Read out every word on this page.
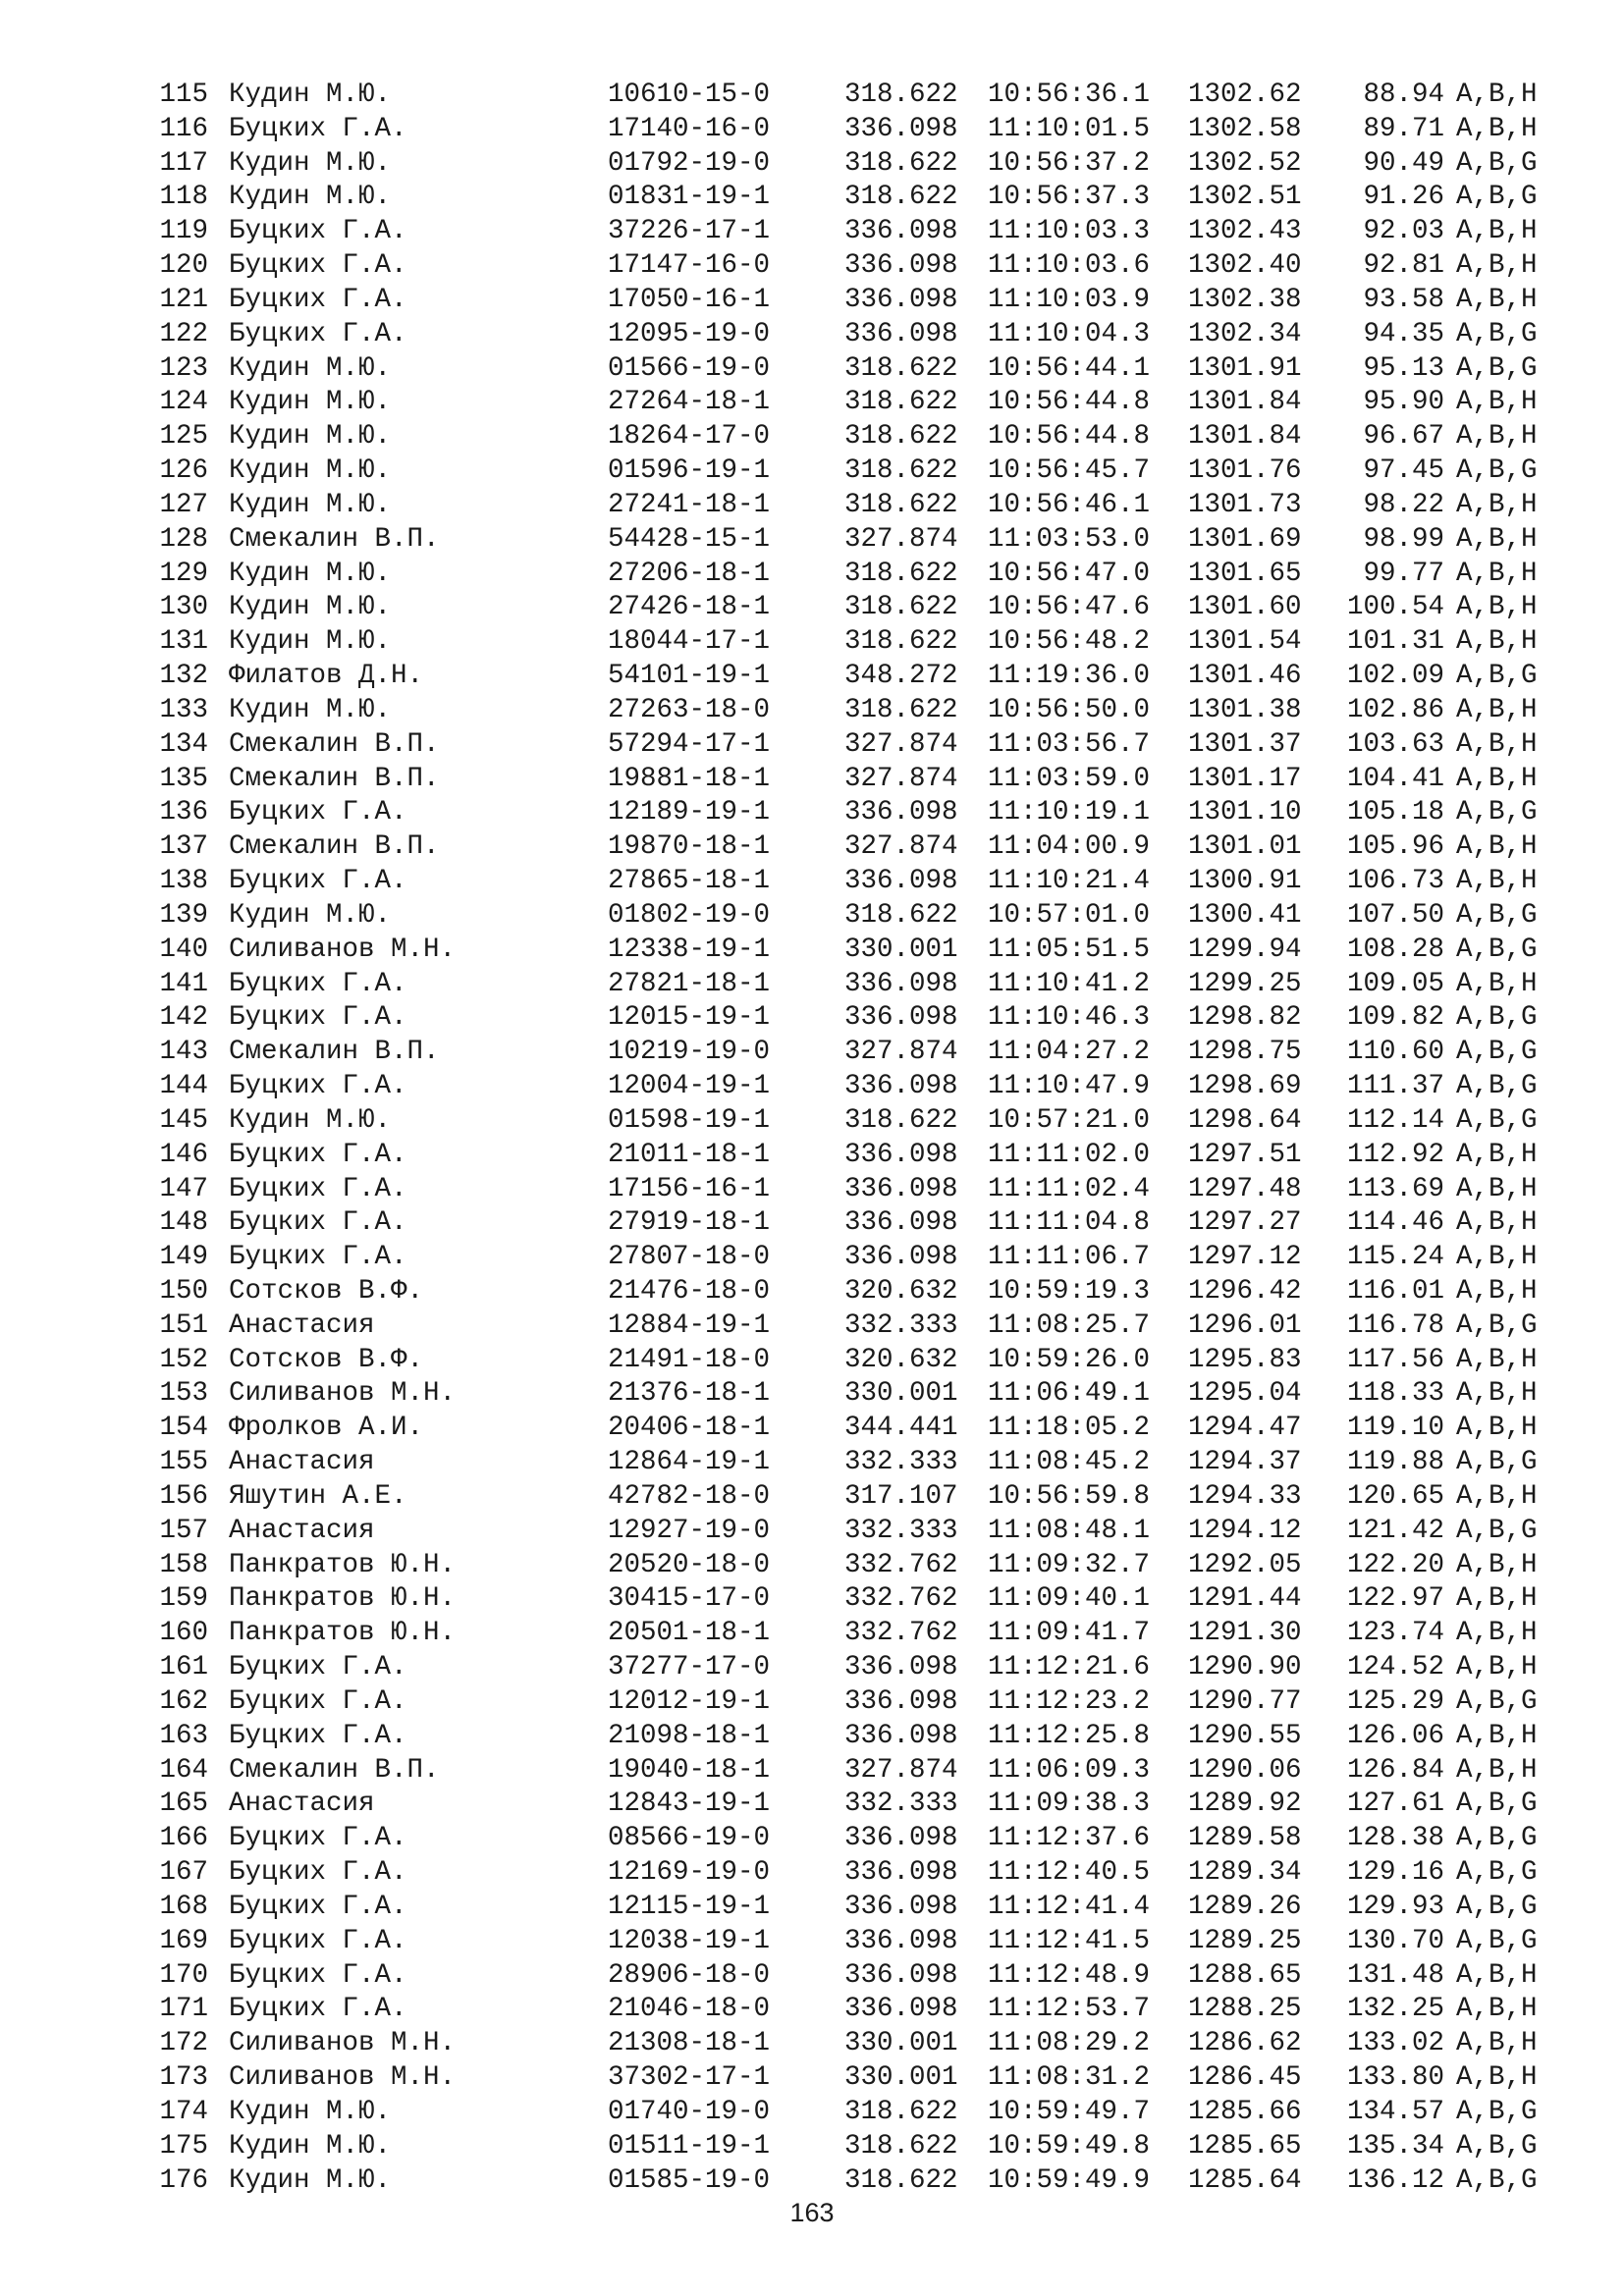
115 Кудин М.Ю.	10610-15-0	318.622 10:56:36.1 1302.62	88.94 A,B,H
116 Буцких Г.А.	17140-16-0	336.098 11:10:01.5 1302.58	89.71 A,B,H
117 Кудин М.Ю.	01792-19-0	318.622 10:56:37.2 1302.52	90.49 A,B,G
118 Кудин М.Ю.	01831-19-1	318.622 10:56:37.3 1302.51	91.26 A,B,G
119 Буцких Г.А.	37226-17-1	336.098 11:10:03.3 1302.43	92.03 A,B,H
120 Буцких Г.А.	17147-16-0	336.098 11:10:03.6 1302.40	92.81 A,B,H
121 Буцких Г.А.	17050-16-1	336.098 11:10:03.9 1302.38	93.58 A,B,H
122 Буцких Г.А.	12095-19-0	336.098 11:10:04.3 1302.34	94.35 A,B,G
123 Кудин М.Ю.	01566-19-0	318.622 10:56:44.1 1301.91	95.13 A,B,G
124 Кудин М.Ю.	27264-18-1	318.622 10:56:44.8 1301.84	95.90 A,B,H
125 Кудин М.Ю.	18264-17-0	318.622 10:56:44.8 1301.84	96.67 A,B,H
126 Кудин М.Ю.	01596-19-1	318.622 10:56:45.7 1301.76	97.45 A,B,G
127 Кудин М.Ю.	27241-18-1	318.622 10:56:46.1 1301.73	98.22 A,B,H
128 Смекалин В.П.	54428-15-1	327.874 11:03:53.0 1301.69	98.99 A,B,H
129 Кудин М.Ю.	27206-18-1	318.622 10:56:47.0 1301.65	99.77 A,B,H
130 Кудин М.Ю.	27426-18-1	318.622 10:56:47.6 1301.60	100.54 A,B,H
131 Кудин М.Ю.	18044-17-1	318.622 10:56:48.2 1301.54	101.31 A,B,H
132 Филатов Д.Н.	54101-19-1	348.272 11:19:36.0 1301.46	102.09 A,B,G
133 Кудин М.Ю.	27263-18-0	318.622 10:56:50.0 1301.38	102.86 A,B,H
134 Смекалин В.П.	57294-17-1	327.874 11:03:56.7 1301.37	103.63 A,B,H
135 Смекалин В.П.	19881-18-1	327.874 11:03:59.0 1301.17	104.41 A,B,H
136 Буцких Г.А.	12189-19-1	336.098 11:10:19.1 1301.10	105.18 A,B,G
137 Смекалин В.П.	19870-18-1	327.874 11:04:00.9 1301.01	105.96 A,B,H
138 Буцких Г.А.	27865-18-1	336.098 11:10:21.4 1300.91	106.73 A,B,H
139 Кудин М.Ю.	01802-19-0	318.622 10:57:01.0 1300.41	107.50 A,B,G
140 Силиванов М.Н.	12338-19-1	330.001 11:05:51.5 1299.94	108.28 A,B,G
141 Буцких Г.А.	27821-18-1	336.098 11:10:41.2 1299.25	109.05 A,B,H
142 Буцких Г.А.	12015-19-1	336.098 11:10:46.3 1298.82	109.82 A,B,G
143 Смекалин В.П.	10219-19-0	327.874 11:04:27.2 1298.75	110.60 A,B,G
144 Буцких Г.А.	12004-19-1	336.098 11:10:47.9 1298.69	111.37 A,B,G
145 Кудин М.Ю.	01598-19-1	318.622 10:57:21.0 1298.64	112.14 A,B,G
146 Буцких Г.А.	21011-18-1	336.098 11:11:02.0 1297.51	112.92 A,B,H
147 Буцких Г.А.	17156-16-1	336.098 11:11:02.4 1297.48	113.69 A,B,H
148 Буцких Г.А.	27919-18-1	336.098 11:11:04.8 1297.27	114.46 A,B,H
149 Буцких Г.А.	27807-18-0	336.098 11:11:06.7 1297.12	115.24 A,B,H
150 Сотсков В.Ф.	21476-18-0	320.632 10:59:19.3 1296.42	116.01 A,B,H
151 Анастасия	12884-19-1	332.333 11:08:25.7 1296.01	116.78 A,B,G
152 Сотсков В.Ф.	21491-18-0	320.632 10:59:26.0 1295.83	117.56 A,B,H
153 Силиванов М.Н.	21376-18-1	330.001 11:06:49.1 1295.04	118.33 A,B,H
154 Фролков А.И.	20406-18-1	344.441 11:18:05.2 1294.47	119.10 A,B,H
155 Анастасия	12864-19-1	332.333 11:08:45.2 1294.37	119.88 A,B,G
156 Яшутин А.Е.	42782-18-0	317.107 10:56:59.8 1294.33	120.65 A,B,H
157 Анастасия	12927-19-0	332.333 11:08:48.1 1294.12	121.42 A,B,G
158 Панкратов Ю.Н.	20520-18-0	332.762 11:09:32.7 1292.05	122.20 A,B,H
159 Панкратов Ю.Н.	30415-17-0	332.762 11:09:40.1 1291.44	122.97 A,B,H
160 Панкратов Ю.Н.	20501-18-1	332.762 11:09:41.7 1291.30	123.74 A,B,H
161 Буцких Г.А.	37277-17-0	336.098 11:12:21.6 1290.90	124.52 A,B,H
162 Буцких Г.А.	12012-19-1	336.098 11:12:23.2 1290.77	125.29 A,B,G
163 Буцких Г.А.	21098-18-1	336.098 11:12:25.8 1290.55	126.06 A,B,H
164 Смекалин В.П.	19040-18-1	327.874 11:06:09.3 1290.06	126.84 A,B,H
165 Анастасия	12843-19-1	332.333 11:09:38.3 1289.92	127.61 A,B,G
166 Буцких Г.А.	08566-19-0	336.098 11:12:37.6 1289.58	128.38 A,B,G
167 Буцких Г.А.	12169-19-0	336.098 11:12:40.5 1289.34	129.16 A,B,G
168 Буцких Г.А.	12115-19-1	336.098 11:12:41.4 1289.26	129.93 A,B,G
169 Буцких Г.А.	12038-19-1	336.098 11:12:41.5 1289.25	130.70 A,B,G
170 Буцких Г.А.	28906-18-0	336.098 11:12:48.9 1288.65	131.48 A,B,H
171 Буцких Г.А.	21046-18-0	336.098 11:12:53.7 1288.25	132.25 A,B,H
172 Силиванов М.Н.	21308-18-1	330.001 11:08:29.2 1286.62	133.02 A,B,H
173 Силиванов М.Н.	37302-17-1	330.001 11:08:31.2 1286.45	133.80 A,B,H
174 Кудин М.Ю.	01740-19-0	318.622 10:59:49.7 1285.66	134.57 A,B,G
175 Кудин М.Ю.	01511-19-1	318.622 10:59:49.8 1285.65	135.34 A,B,G
176 Кудин М.Ю.	01585-19-0	318.622 10:59:49.9 1285.64	136.12 A,B,G
163
